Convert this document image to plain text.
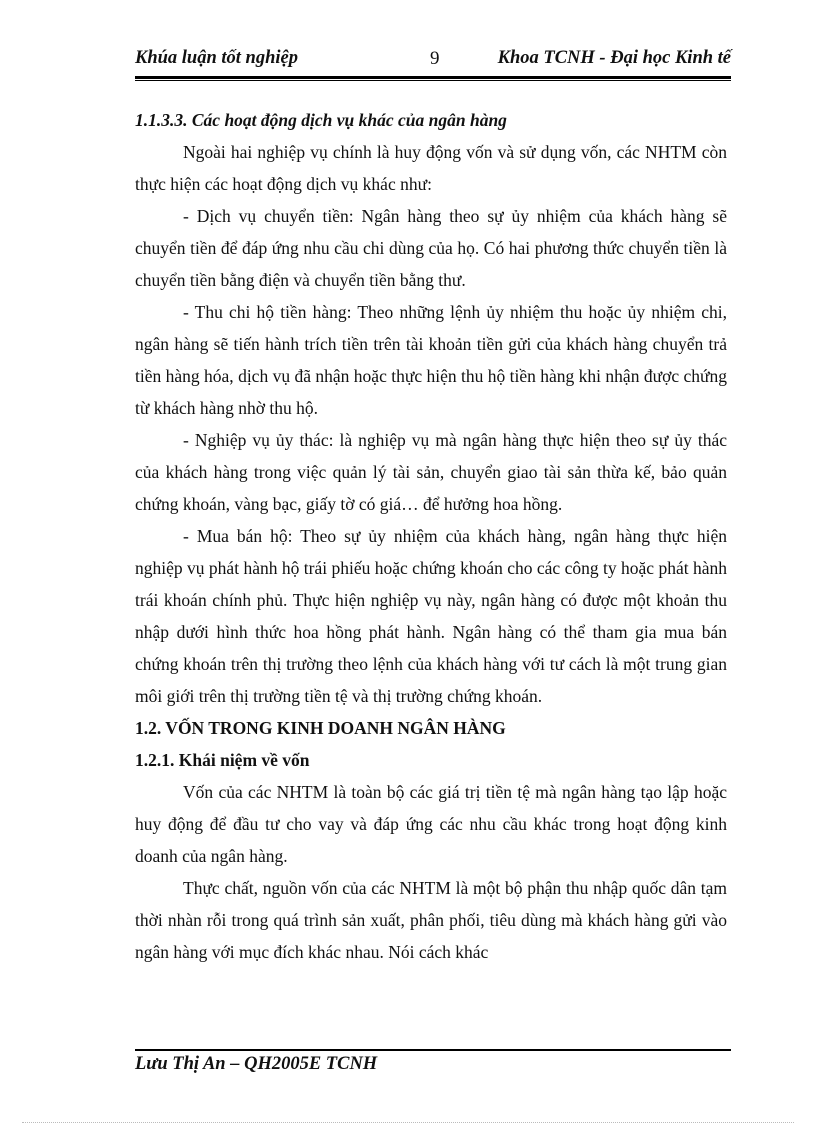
Khúa luận tốt nghiệp	9	Khoa TCNH - Đại học Kinh tế

1.1.3.3. Các hoạt động dịch vụ khác của ngân hàng

Ngoài hai nghiệp vụ chính là huy động vốn và sử dụng vốn, các NHTM còn thực hiện các hoạt động dịch vụ khác như:

- Dịch vụ chuyển tiền: Ngân hàng theo sự ủy nhiệm của khách hàng sẽ chuyển tiền để đáp ứng nhu cầu chi dùng của họ. Có hai phương thức chuyển tiền là chuyển tiền bằng điện và chuyển tiền bằng thư.

- Thu chi hộ tiền hàng: Theo những lệnh ủy nhiệm thu hoặc ủy nhiệm chi, ngân hàng sẽ tiến hành trích tiền trên tài khoản tiền gửi của khách hàng chuyển trả tiền hàng hóa, dịch vụ đã nhận hoặc thực hiện thu hộ tiền hàng khi nhận được chứng từ khách hàng nhờ thu hộ.

- Nghiệp vụ ủy thác: là nghiệp vụ mà ngân hàng thực hiện theo sự ủy thác của khách hàng trong việc quản lý tài sản, chuyển giao tài sản thừa kế, bảo quản chứng khoán, vàng bạc, giấy tờ có giá… để hưởng hoa hồng.

- Mua bán hộ: Theo sự ủy nhiệm của khách hàng, ngân hàng thực hiện nghiệp vụ phát hành hộ trái phiếu hoặc chứng khoán cho các công ty hoặc phát hành trái khoán chính phủ. Thực hiện nghiệp vụ này, ngân hàng có được một khoản thu nhập dưới hình thức hoa hồng phát hành. Ngân hàng có thể tham gia mua bán chứng khoán trên thị trường theo lệnh của khách hàng với tư cách là một trung gian môi giới trên thị trường tiền tệ và thị trường chứng khoán.

1.2. VỐN TRONG KINH DOANH NGÂN HÀNG

1.2.1. Khái niệm về vốn

Vốn của các NHTM là toàn bộ các giá trị tiền tệ mà ngân hàng tạo lập hoặc huy động để đầu tư cho vay và đáp ứng các nhu cầu khác trong hoạt động kinh doanh của ngân hàng.

Thực chất, nguồn vốn của các NHTM là một bộ phận thu nhập quốc dân tạm thời nhàn rỗi trong quá trình sản xuất, phân phối, tiêu dùng mà khách hàng gửi vào ngân hàng với mục đích khác nhau. Nói cách khác

Lưu Thị An – QH2005E TCNH
